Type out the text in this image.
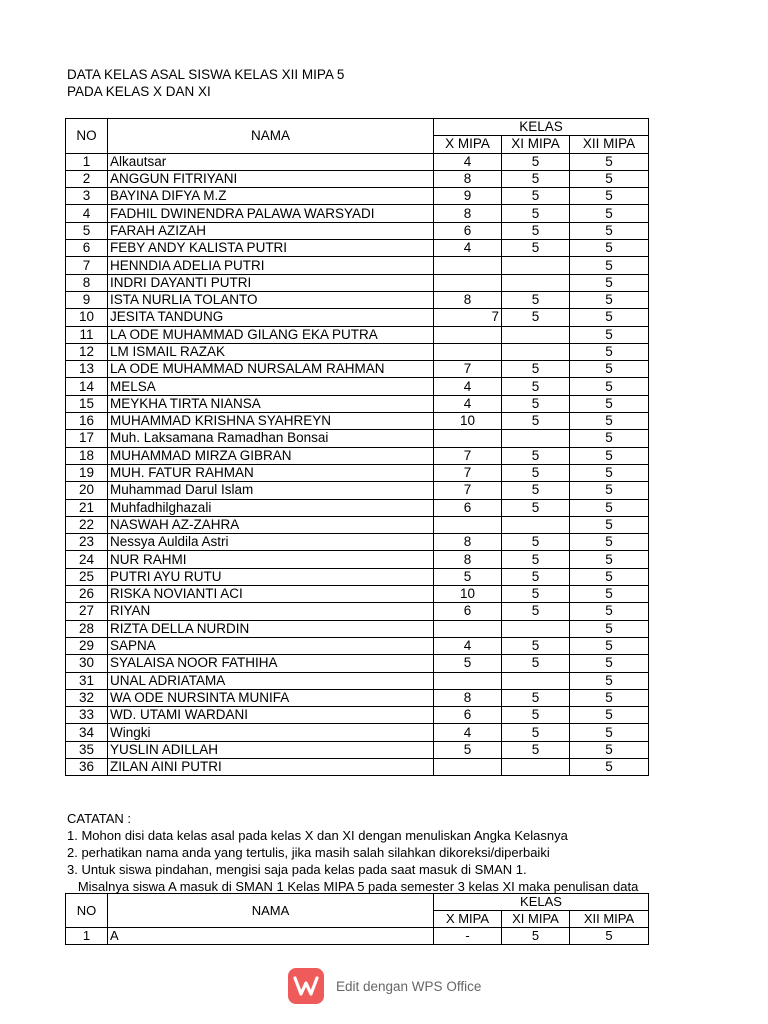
DATA KELAS ASAL SISWA KELAS XII MIPA 5
PADA KELAS X DAN XI
NO	NAMA	KELAS		
		X MIPA	XI MIPA	XII MIPA
1	Alkautsar	4	5	5
2	ANGGUN FITRIYANI	8	5	5
3	BAYINA DIFYA M.Z	9	5	5
4	FADHIL DWINENDRA PALAWA WARSYADI	8	5	5
5	FARAH AZIZAH	6	5	5
6	FEBY ANDY KALISTA PUTRI	4	5	5
7	HENNDIA ADELIA PUTRI			5
8	INDRI DAYANTI PUTRI			5
9	ISTA NURLIA TOLANTO	8	5	5
10	JESITA TANDUNG	7	5	5
11	LA ODE MUHAMMAD GILANG EKA PUTRA			5
12	LM ISMAIL RAZAK			5
13	LA ODE MUHAMMAD NURSALAM RAHMAN	7	5	5
14	MELSA	4	5	5
15	MEYKHA TIRTA NIANSA	4	5	5
16	MUHAMMAD KRISHNA SYAHREYN	10	5	5
17	Muh. Laksamana Ramadhan Bonsai			5
18	MUHAMMAD MIRZA GIBRAN	7	5	5
19	MUH. FATUR RAHMAN	7	5	5
20	Muhammad Darul Islam	7	5	5
21	Muhfadhilghazali	6	5	5
22	NASWAH AZ-ZAHRA			5
23	Nessya Auldila Astri	8	5	5
24	NUR RAHMI	8	5	5
25	PUTRI AYU RUTU	5	5	5
26	RISKA NOVIANTI ACI	10	5	5
27	RIYAN	6	5	5
28	RIZTA DELLA NURDIN			5
29	SAPNA	4	5	5
30	SYALAISA NOOR FATHIHA	5	5	5
31	UNAL ADRIATAMA			5
32	WA ODE NURSINTA MUNIFA	8	5	5
33	WD. UTAMI WARDANI	6	5	5
34	Wingki	4	5	5
35	YUSLIN ADILLAH	5	5	5
36	ZILAN AINI PUTRI			5
CATATAN :
1. Mohon disi data kelas asal pada kelas X dan XI dengan menuliskan Angka Kelasnya
2. perhatikan nama anda yang tertulis, jika masih salah silahkan dikoreksi/diperbaiki
3. Untuk siswa pindahan, mengisi saja pada kelas pada saat masuk di SMAN 1.
Misalnya siswa A masuk di SMAN 1 Kelas MIPA 5 pada semester 3 kelas XI maka penulisan data
NO	NAMA	KELAS		
		X MIPA	XI MIPA	XII MIPA
1	A	-	5	5
Edit dengan WPS Office
